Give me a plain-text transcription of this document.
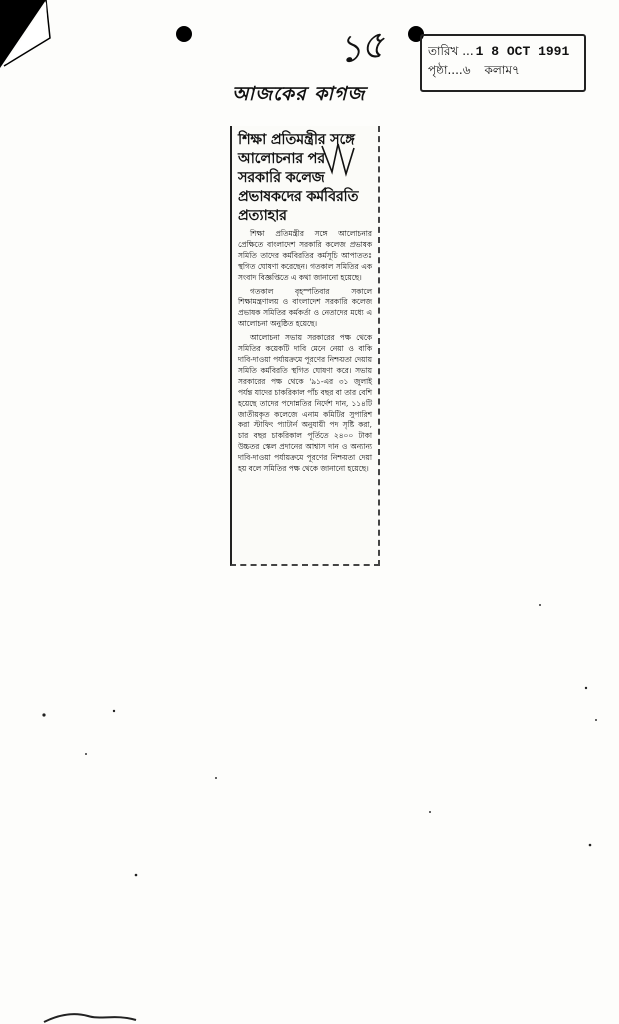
১৫	তারিখ ... 1 8 OCT 1991
পৃষ্ঠা.... ৬ কলাম ৭
আজকের কাগজ
শিক্ষা প্রতিমন্ত্রীর সঙ্গে
আলোচনার পর
সরকারি কলেজ
প্রভাষকদের কর্মবিরতি
প্রত্যাহার

শিক্ষা প্রতিমন্ত্রীর সঙ্গে আলোচনার প্রেক্ষিতে বাংলাদেশ সরকারি কলেজ প্রভাষক সমিতি তাদের কর্মবিরতির কর্মসূচি আপাততঃ স্থগিত ঘোষণা করেছেন। গতকাল সমিতির এক সংবাদ বিজ্ঞপ্তিতে এ কথা জানানো হয়েছে।

গতকাল বৃহস্পতিবার সকালে শিক্ষামন্ত্রণালয় ও বাংলাদেশ সরকারি কলেজ প্রভাষক সমিতির কর্মকর্তা ও নেতাদের মধ্যে এ আলোচনা অনুষ্ঠিত হয়েছে।

আলোচনা সভায় সরকারের পক্ষ থেকে সমিতির কয়েকটি দাবি মেনে নেয়া ও বাকি দাবি-দাওয়া পর্যায়ক্রমে পূরণের নিশ্চয়তা দেয়ায় সমিতি কর্মবিরতি স্থগিত ঘোষণা করে। সভায় সরকারের পক্ষ থেকে '৯১-এর ৩১ জুলাই পর্যন্ত যাদের চাকরিকাল পাঁচ বছর বা তার বেশি হয়েছে তাদের পদোন্নতির নির্দেশ দান, ১১৪টি জাতীয়কৃত কলেজে এনাম কমিটির সুপারিশ করা স্টাফিং প্যাটার্ন অনুযায়ী পদ সৃষ্টি করা, চার বছর চাকরিকাল পূর্তিতে ২৪০০ টাকা উচ্চতর স্কেল প্রদানের আশ্বাস দান ও অন্যান্য দাবি-দাওয়া পর্যায়ক্রমে পূরণের নিশ্চয়তা দেয়া হয় বলে সমিতির পক্ষ থেকে জানানো হয়েছে।
